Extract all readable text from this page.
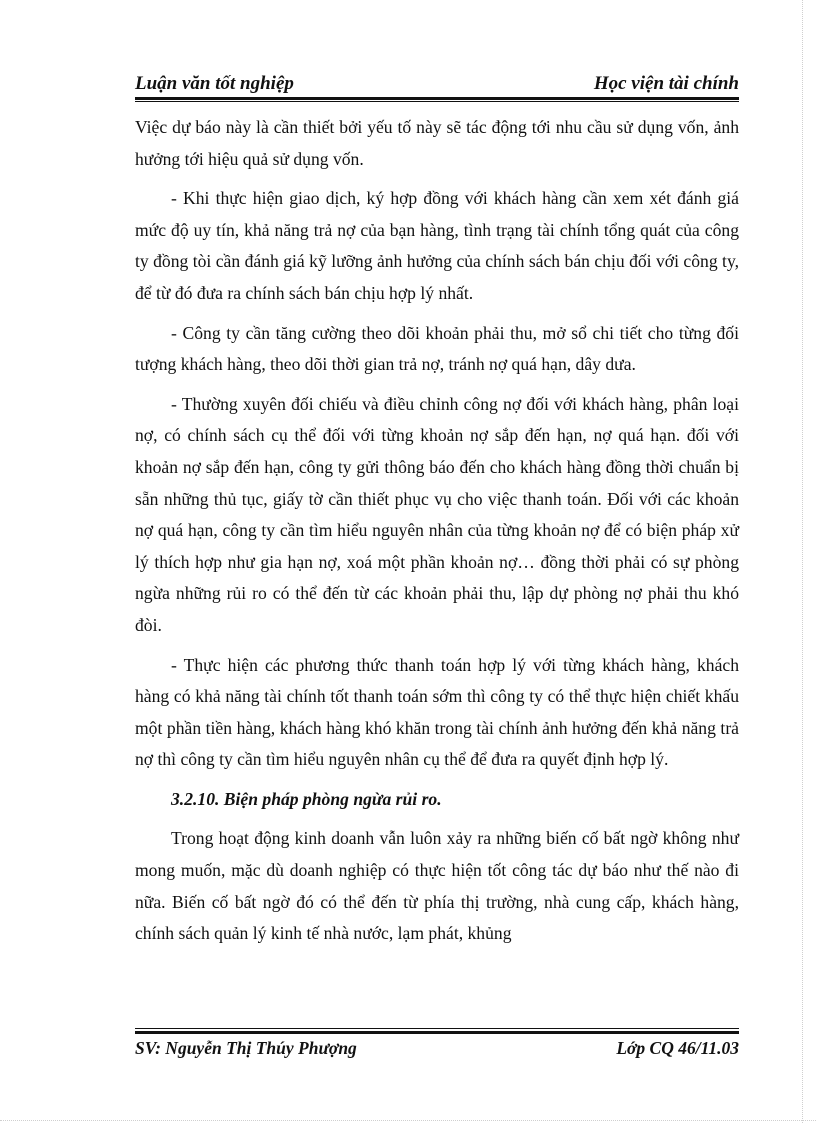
Luận văn tốt nghiệp	Học viện tài chính

Việc dự báo này là cần thiết bởi yếu tố này sẽ tác động tới nhu cầu sử dụng vốn, ảnh hưởng tới hiệu quả sử dụng vốn.

- Khi thực hiện giao dịch, ký hợp đồng với khách hàng cần xem xét đánh giá mức độ uy tín, khả năng trả nợ của bạn hàng, tình trạng tài chính tổng quát của công ty đồng tòi cần đánh giá kỹ lưỡng ảnh hưởng của chính sách bán chịu đối với công ty, để từ đó đưa ra chính sách bán chịu hợp lý nhất.

- Công ty cần tăng cường theo dõi khoản phải thu, mở sổ chi tiết cho từng đối tượng khách hàng, theo dõi thời gian trả nợ, tránh nợ quá hạn, dây dưa.

- Thường xuyên đối chiếu và điều chỉnh công nợ đối với khách hàng, phân loại nợ, có chính sách cụ thể đối với từng khoản nợ sắp đến hạn, nợ quá hạn. đối với khoản nợ sắp đến hạn, công ty gửi thông báo đến cho khách hàng đồng thời chuẩn bị sẵn những thủ tục, giấy tờ cần thiết phục vụ cho việc thanh toán. Đối với các khoản nợ quá hạn, công ty cần tìm hiểu nguyên nhân của từng khoản nợ để có biện pháp xử lý thích hợp như gia hạn nợ, xoá một phần khoản nợ… đồng thời phải có sự phòng ngừa những rủi ro có thể đến từ các khoản phải thu, lập dự phòng nợ phải thu khó đòi.

- Thực hiện các phương thức thanh toán hợp lý với từng khách hàng, khách hàng có khả năng tài chính tốt thanh toán sớm thì công ty có thể thực hiện chiết khấu một phần tiền hàng, khách hàng khó khăn trong tài chính ảnh hưởng đến khả năng trả nợ thì công ty cần tìm hiểu nguyên nhân cụ thể để đưa ra quyết định hợp lý.

3.2.10. Biện pháp phòng ngừa rủi ro.

Trong hoạt động kinh doanh vẫn luôn xảy ra những biến cố bất ngờ không như mong muốn, mặc dù doanh nghiệp có thực hiện tốt công tác dự báo như thế nào đi nữa. Biến cố bất ngờ đó có thể đến từ phía thị trường, nhà cung cấp, khách hàng, chính sách quản lý kinh tế nhà nước, lạm phát, khủng

SV: Nguyễn Thị Thúy Phượng	Lớp CQ 46/11.03
